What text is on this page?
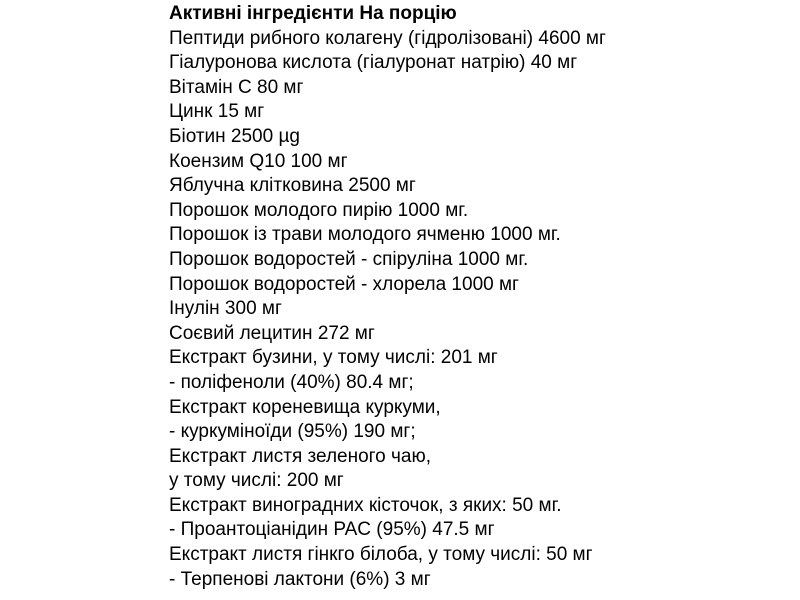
Активні інгредієнти На порцію
Пептиди рибного колагену (гідролізовані) 4600 мг
Гіалуронова кислота (гіалуронат натрію) 40 мг
Вітамін С 80 мг
Цинк 15 мг
Біотин 2500 µg
Коензим Q10 100 мг
Яблучна клітковина 2500 мг
Порошок молодого пирію 1000 мг.
Порошок із трави молодого ячменю 1000 мг.
Порошок водоростей - спіруліна 1000 мг.
Порошок водоростей - хлорела 1000 мг
Інулін 300 мг
Соєвий лецитин 272 мг
Екстракт бузини, у тому числі: 201 мг
- поліфеноли (40%) 80.4 мг;
Екстракт кореневища куркуми,
- куркуміноїди (95%) 190 мг;
Екстракт листя зеленого чаю,
у тому числі: 200 мг
Екстракт виноградних кісточок, з яких: 50 мг.
- Проантоціанідин PAC (95%) 47.5 мг
Екстракт листя гінкго білоба, у тому числі: 50 мг
- Терпенові лактони (6%) 3 мг
